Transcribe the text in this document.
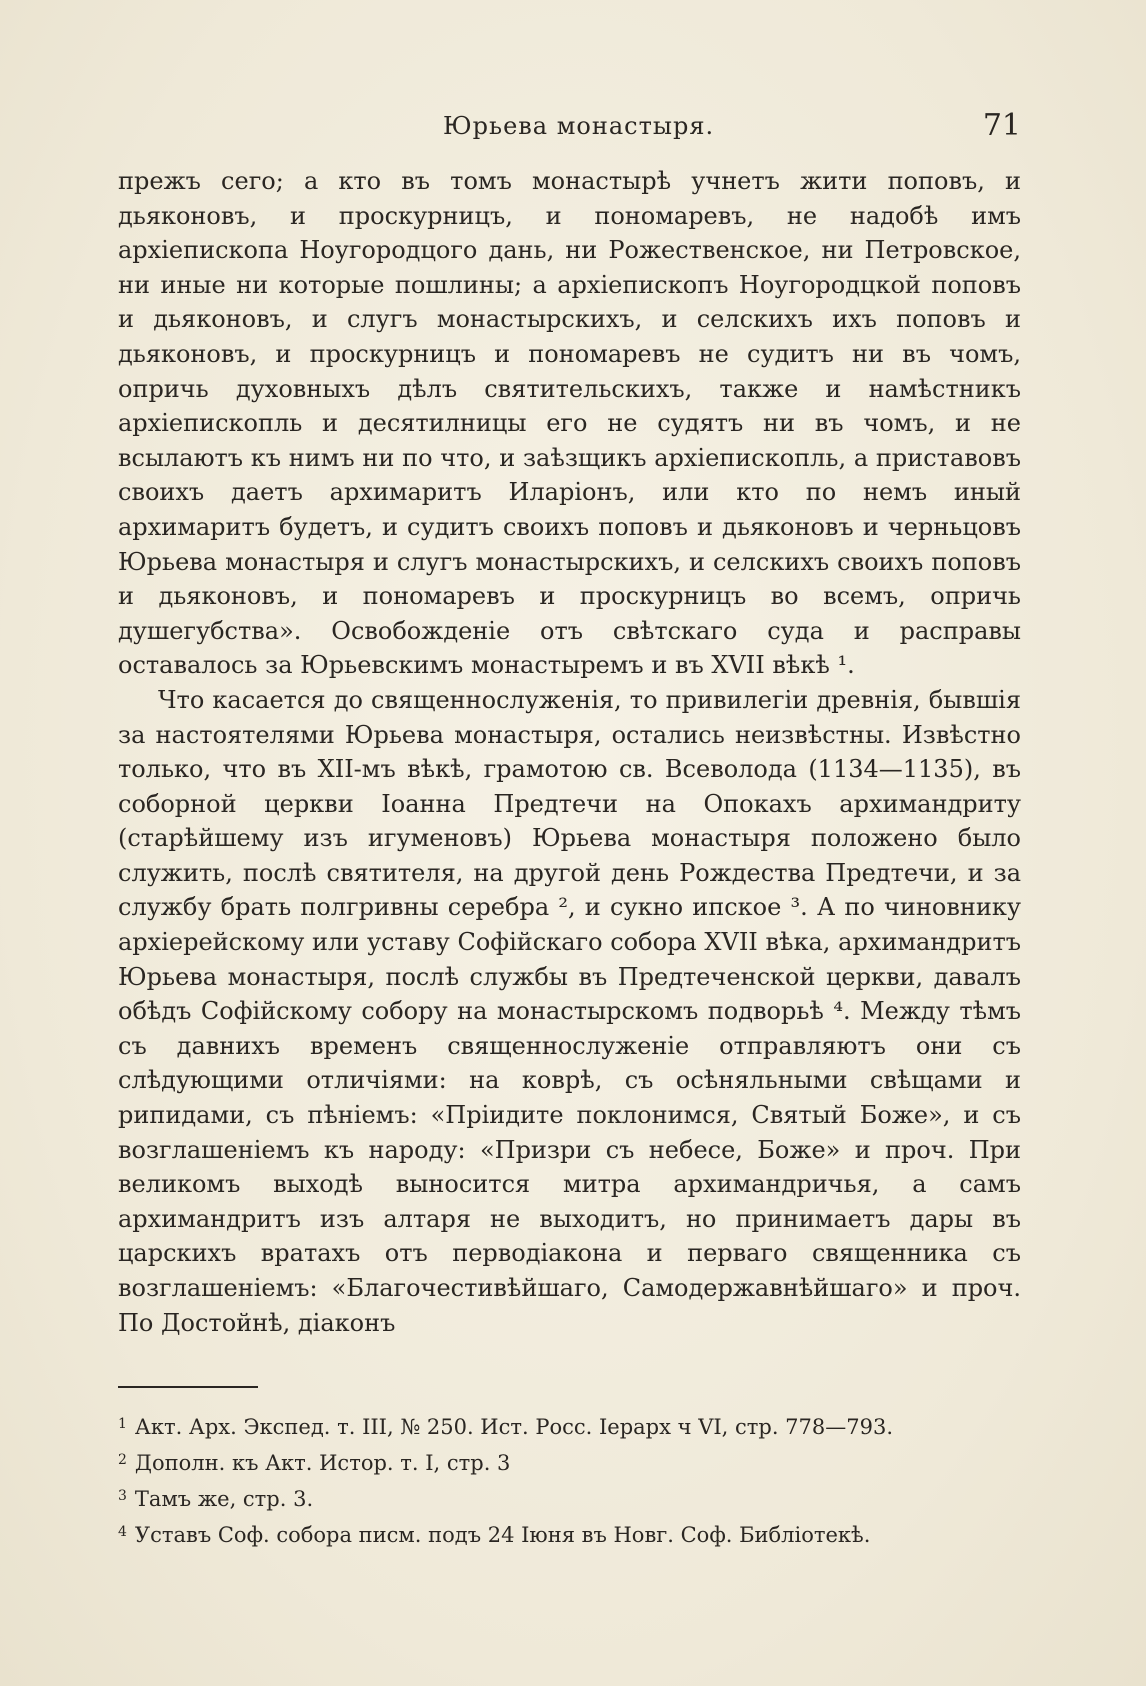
Юрьева монастыря.	71

прежъ сего; а кто въ томъ монастырѣ учнетъ жити поповъ, и дьяконовъ, и проскурницъ, и пономаревъ, не надобѣ имъ архіепископа Ноугородцого дань, ни Рожественское, ни Петровское, ни иные ни которые пошлины; а архіепископъ Ноугородцкой поповъ и дьяконовъ, и слугъ монастырскихъ, и селскихъ ихъ поповъ и дьяконовъ, и проскурницъ и пономаревъ не судитъ ни въ чомъ, опричь духовныхъ дѣлъ святительскихъ, также и намѣстникъ архіепископль и десятилницы его не судятъ ни въ чомъ, и не всылаютъ къ нимъ ни по что, и заѣзщикъ архіепископль, а приставовъ своихъ даетъ архимаритъ Иларіонъ, или кто по немъ иный архимаритъ будетъ, и судитъ своихъ поповъ и дьяконовъ и черньцовъ Юрьева монастыря и слугъ монастырскихъ, и селскихъ своихъ поповъ и дьяконовъ, и пономаревъ и проскурницъ во всемъ, опричь душегубства». Освобожденіе отъ свѣтскаго суда и расправы оставалось за Юрьевскимъ монастыремъ и въ XVII вѣкѣ ¹.

Что касается до священнослуженія, то привилегіи древнія, бывшія за настоятелями Юрьева монастыря, остались неизвѣстны. Извѣстно только, что въ XII-мъ вѣкѣ, грамотою св. Всеволода (1134—1135), въ соборной церкви Іоанна Предтечи на Опокахъ архимандриту (старѣйшему изъ игуменовъ) Юрьева монастыря положено было служить, послѣ святителя, на другой день Рождества Предтечи, и за службу брать полгривны серебра ², и сукно ипское ³. А по чиновнику архіерейскому или уставу Софійскаго собора XVII вѣка, архимандритъ Юрьева монастыря, послѣ службы въ Предтеченской церкви, давалъ обѣдъ Софійскому собору на монастырскомъ подворьѣ ⁴. Между тѣмъ съ давнихъ временъ священнослуженіе отправляютъ они съ слѣдующими отличіями: на коврѣ, съ осѣняльными свѣщами и рипидами, съ пѣніемъ: «Пріидите поклонимся, Святый Боже», и съ возглашеніемъ къ народу: «Призри съ небесе, Боже» и проч. При великомъ выходѣ выносится митра архимандричья, а самъ архимандритъ изъ алтаря не выходитъ, но принимаетъ дары въ царскихъ вратахъ отъ перводіакона и перваго священника съ возглашеніемъ: «Благочестивѣйшаго, Самодержавнѣйшаго» и проч. По Достойнѣ, діаконъ

$^1$ Акт. Арх. Экспед. т. III, № 250. Ист. Росс. Іерарх ч VI, стр. 778—793.
$^2$ Дополн. къ Акт. Истор. т. I, стр. 3
$^3$ Тамъ же, стр. 3.
$^4$ Уставъ Соф. собора писм. подъ 24 Іюня въ Новг. Соф. Библіотекѣ.
